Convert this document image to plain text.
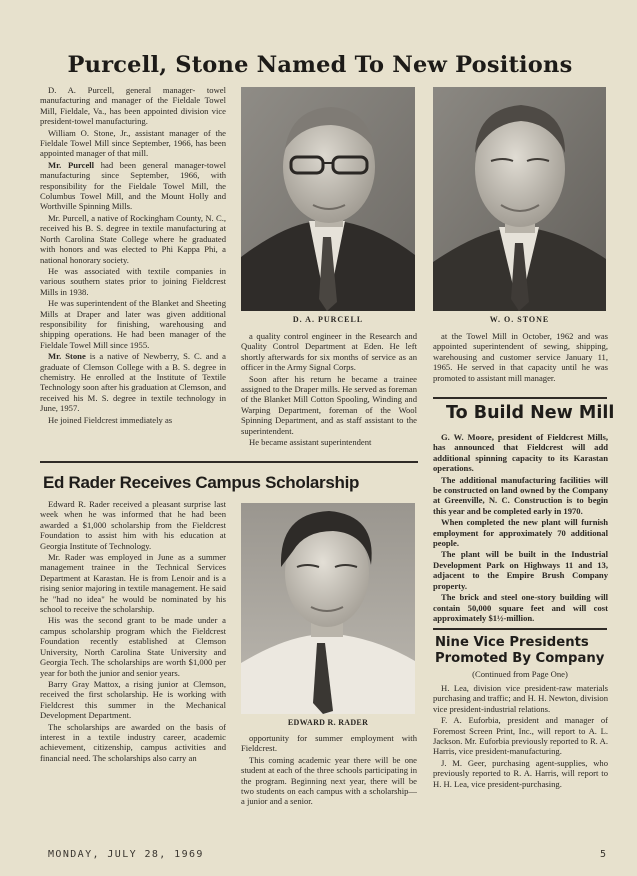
Purcell, Stone Named To New Positions

D. A. Purcell, general manager- towel manufacturing and manager of the Fieldale Towel Mill, Fieldale, Va., has been appointed division vice president-towel manufacturing.

William O. Stone, Jr., assistant manager of the Fieldale Towel Mill since September, 1966, has been appointed manager of that mill.

Mr. Purcell had been general manager-towel manufacturing since September, 1966, with responsibility for the Fieldale Towel Mill, the Columbus Towel Mill, and the Mount Holly and Worthville Spinning Mills.

Mr. Purcell, a native of Rockingham County, N. C., received his B. S. degree in textile manufacturing at North Carolina State College where he graduated with honors and was elected to Phi Kappa Phi, a national honorary society.

He was associated with textile companies in various southern states prior to joining Fieldcrest Mills in 1938.

He was superintendent of the Blanket and Sheeting Mills at Draper and later was given additional responsibility for finishing, warehousing and shipping operations. He had been manager of the Fieldale Towel Mill since 1955.

Mr. Stone is a native of Newberry, S. C. and a graduate of Clemson College with a B. S. degree in chemistry. He enrolled at the Institute of Textile Technology soon after his graduation at Clemson, and received his M. S. degree in textile technology in June, 1957.

He joined Fieldcrest immediately as

D. A. PURCELL	W. O. STONE

a quality control engineer in the Research and Quality Control Department at Eden. He left shortly afterwards for six months of service as an officer in the Army Signal Corps.

Soon after his return he became a trainee assigned to the Draper mills. He served as foreman of the Blanket Mill Cotton Spooling, Winding and Warping Department, foreman of the Wool Spinning Department, and as staff assistant to the superintendent.

He became assistant superintendent

at the Towel Mill in October, 1962 and was appointed superintendent of sewing, shipping, warehousing and customer service January 11, 1965. He served in that capacity until he was promoted to assistant mill manager.

To Build New Mill

G. W. Moore, president of Fieldcrest Mills, has announced that Fieldcrest will add additional spinning capacity to its Karastan operations.

The additional manufacturing facilities will be constructed on land owned by the Company at Greenville, N. C. Construction is to begin this year and be completed early in 1970.

When completed the new plant will furnish employment for approximately 70 additional people.

The plant will be built in the Industrial Development Park on Highways 11 and 13, adjacent to the Empire Brush Company property.

The brick and steel one-story building will contain 50,000 square feet and will cost approximately $1½-million.

Ed Rader Receives Campus Scholarship

Edward R. Rader received a pleasant surprise last week when he was informed that he had been awarded a $1,000 scholarship from the Fieldcrest Foundation to assist him with his education at Georgia Institute of Technology.

Mr. Rader was employed in June as a summer management trainee in the Technical Services Department at Karastan. He is from Lenoir and is a rising senior majoring in textile management. He said he "had no idea" he would be nominated by his school to receive the scholarship.

His was the second grant to be made under a campus scholarship program which the Fieldcrest Foundation recently established at Clemson University, North Carolina State University and Georgia Tech. The scholarships are worth $1,000 per year for both the junior and senior years.

Barry Gray Mattox, a rising junior at Clemson, received the first scholarship. He is working with Fieldcrest this summer in the Mechanical Development Department.

The scholarships are awarded on the basis of interest in a textile industry career, academic achievement, citizenship, campus activities and financial need. The scholarships also carry an

EDWARD R. RADER

opportunity for summer employment with Fieldcrest.

This coming academic year there will be one student at each of the three schools participating in the program. Beginning next year, there will be two students on each campus with a scholarship—a junior and a senior.

Nine Vice Presidents
Promoted By Company
(Continued from Page One)

H. Lea, division vice president-raw materials purchasing and traffic; and H. H. Newton, division vice president-industrial relations.

F. A. Euforbia, president and manager of Foremost Screen Print, Inc., will report to A. L. Jackson. Mr. Euforbia previously reported to R. A. Harris, vice president-manufacturing.

J. M. Geer, purchasing agent-supplies, who previously reported to R. A. Harris, will report to H. H. Lea, vice president-purchasing.

MONDAY, JULY 28, 1969	5
